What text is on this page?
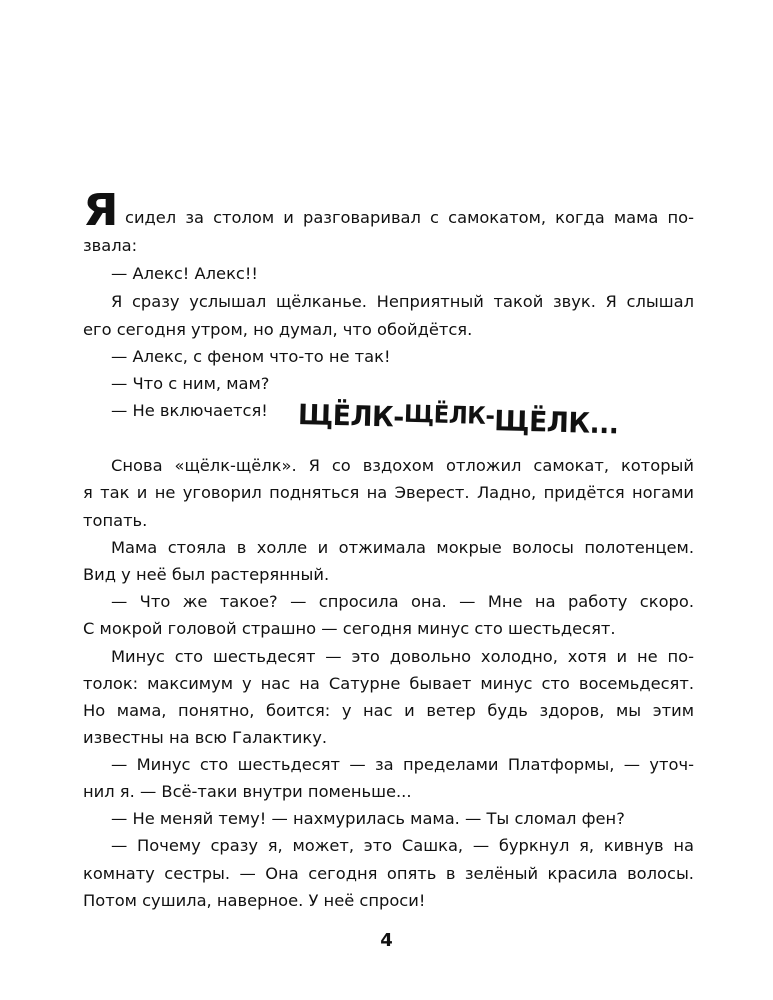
Я сидел за столом и разговаривал с самокатом, когда мама по-
звала:
— Алекс! Алекс!!
Я сразу услышал щёлканье. Неприятный такой звук. Я слышал
его сегодня утром, но думал, что обойдётся.
— Алекс, с феном что-то не так!
— Что с ним, мам?
— Не включается!	ЩЁЛК-ЩЁЛК-ЩЁЛК...
Снова «щёлк-щёлк». Я со вздохом отложил самокат, который
я так и не уговорил подняться на Эверест. Ладно, придётся ногами
топать.
Мама стояла в холле и отжимала мокрые волосы полотенцем.
Вид у неё был растерянный.
— Что же такое? — спросила она. — Мне на работу скоро.
С мокрой головой страшно — сегодня минус сто шестьдесят.
Минус сто шестьдесят — это довольно холодно, хотя и не по-
толок: максимум у нас на Сатурне бывает минус сто восемьдесят.
Но мама, понятно, боится: у нас и ветер будь здоров, мы этим
известны на всю Галактику.
— Минус сто шестьдесят — за пределами Платформы, — уточ-
нил я. — Всё-таки внутри поменьше...
— Не меняй тему! — нахмурилась мама. — Ты сломал фен?
— Почему сразу я, может, это Сашка, — буркнул я, кивнув на
комнату сестры. — Она сегодня опять в зелёный красила волосы.
Потом сушила, наверное. У неё спроси!
4
